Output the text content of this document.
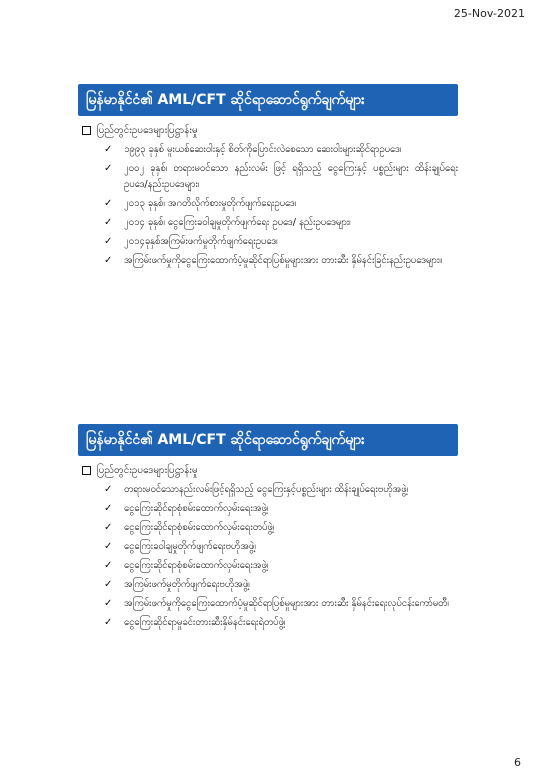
25-Nov-2021
မြန်မာနိုင်ငံ၏ AML/CFT ဆိုင်ရာဆောင်ရွက်ချက်များ
ပြည်တွင်းဥပဒေများပြဋ္ဌာန်းမှု
✓ ၁၉၉၃ ခုနှစ် မူးယစ်ဆေးဝါးနှင့် စိတ်ကိုပြောင်းလဲစေသော ဆေးဝါးများဆိုင်ရာဥပဒေ၊
✓ ၂၀၀၂ ခုနှစ်၊ တရားမဝင်သော နည်းလမ်း ဖြင့် ရရှိသည့် ငွေကြေးနှင့် ပစ္စည်းများ ထိန်းချုပ်ရေး ဥပဒေ/နည်းဥပဒေများ၊
✓ ၂၀၁၃ ခုနှစ်၊ အဂတိလိုက်စားမှုတိုက်ဖျက်ရေးဥပဒေ၊
✓ ၂၀၁၄ ခုနှစ်၊ ငွေကြေးခဝါချမှုတိုက်ဖျက်ရေး ဥပဒေ/ နည်းဥပဒေများ၊
✓ ၂၀၁၄ခုနှစ်အကြမ်းဖက်မှုတိုက်ဖျက်ရေးဥပဒေ၊
✓ အကြမ်းဖက်မှုကိုငွေကြေးထောက်ပံ့မှုဆိုင်ရာပြစ်မှုများအား တားဆီး နှိမ်နင်းခြင်းနည်းဥပဒေများ။
မြန်မာနိုင်ငံ၏ AML/CFT ဆိုင်ရာဆောင်ရွက်ချက်များ
ပြည်တွင်းဥပဒေများပြဋ္ဌာန်းမှု
✓ တရားမဝင်သောနည်းလမ်းဖြင့်ရရှိသည့် ငွေကြေးနှင့်ပစ္စည်းများ ထိန်းချုပ်ရေးဗဟိုအဖွဲ့၊
✓ ငွေကြေးဆိုင်ရာစုံစမ်းထောက်လှမ်းရေးအဖွဲ့၊
✓ ငွေကြေးဆိုင်ရာစုံစမ်းထောက်လှမ်းရေးတပ်ဖွဲ့၊
✓ ငွေကြေးခဝါချမှုတိုက်ဖျက်ရေးဗဟိုအဖွဲ့၊
✓ ငွေကြေးဆိုင်ရာစုံစမ်းထောက်လှမ်းရေးအဖွဲ့၊
✓ အကြမ်းဖက်မှုတိုက်ဖျက်ရေးဗဟိုအဖွဲ့၊
✓ အကြမ်းဖက်မှုကိုငွေကြေးထောက်ပံ့မှုဆိုင်ရာပြစ်မှုများအား တားဆီး နှိမ်နင်းရေးလုပ်ငန်းကော်မတီ၊
✓ ငွေကြေးဆိုင်ရာမှုခင်းတားဆီးနှိမ်နင်းရေးရဲတပ်ဖွဲ့၊
6
